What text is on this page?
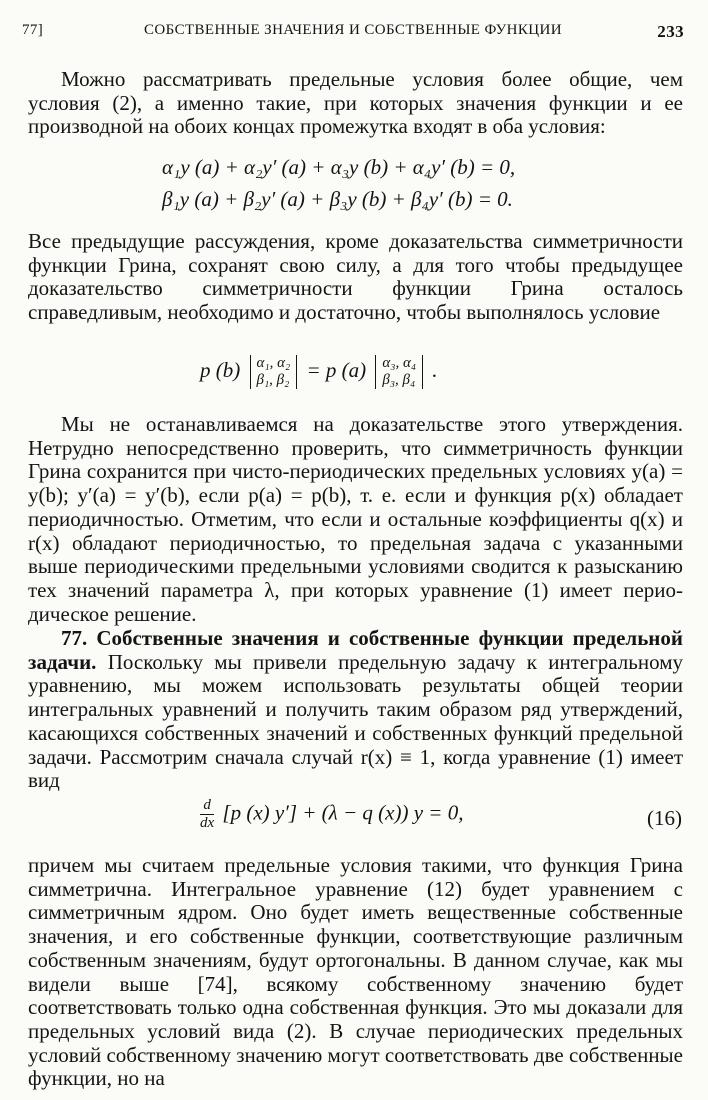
77]	СОБСТВЕННЫЕ ЗНАЧЕНИЯ И СОБСТВЕННЫЕ ФУНКЦИИ	233

Можно рассматривать предельные условия более общие, чем условия (2), а именно такие, при которых значения функции и ее производной на обоих концах промежутка входят в оба условия:

α₁y (a) + α₂y′ (a) + α₃y (b) + α₄y′ (b) = 0,
β₁y (a) + β₂y′ (a) + β₃y (b) + β₄y′ (b) = 0.

Все предыдущие рассуждения, кроме доказательства симметричности функции Грина, сохранят свою силу, а для того чтобы предыдущее доказательство симметричности функции Грина осталось справедливым, необходимо и достаточно, чтобы выполнялось условие

p (b) α₁, α₂
β₁, β₂ = p (a) α₃, α₄
β₃, β₄ .

Мы не останавливаемся на доказательстве этого утверждения. Нетрудно непосредственно проверить, что симметричность функции Грина сохранится при чисто-периодических предельных условиях y(a) = y(b); y′(a) = y′(b), если p(a) = p(b), т. е. если и функция p(x) обладает периодичностью. Отметим, что если и остальные коэффициенты q(x) и r(x) обладают периодичностью, то предельная задача с указанными выше периодическими предельными условиями сводится к разысканию тех значений параметра λ, при которых уравнение (1) имеет периодическое решение.

77. Собственные значения и собственные функции предельной задачи. Поскольку мы привели предельную задачу к интегральному уравнению, мы можем использовать результаты общей теории интегральных уравнений и получить таким образом ряд утверждений, касающихся собственных значений и собственных функций предельной задачи. Рассмотрим сначала случай r(x) ≡ 1, когда уравнение (1) имеет вид

$\frac{d}{dx} [p$ (x) y′] + (λ − q (x)) y = 0,	(16)

причем мы считаем предельные условия такими, что функция Грина симметрична. Интегральное уравнение (12) будет уравнением с симметричным ядром. Оно будет иметь вещественные собственные значения, и его собственные функции, соответствующие различным собственным значениям, будут ортогональны. В данном случае, как мы видели выше [74], всякому собственному значению будет соответствовать только одна собственная функция. Это мы доказали для предельных условий вида (2). В случае периодических предельных условий собственному значению могут соответствовать две собственные функции, но на
